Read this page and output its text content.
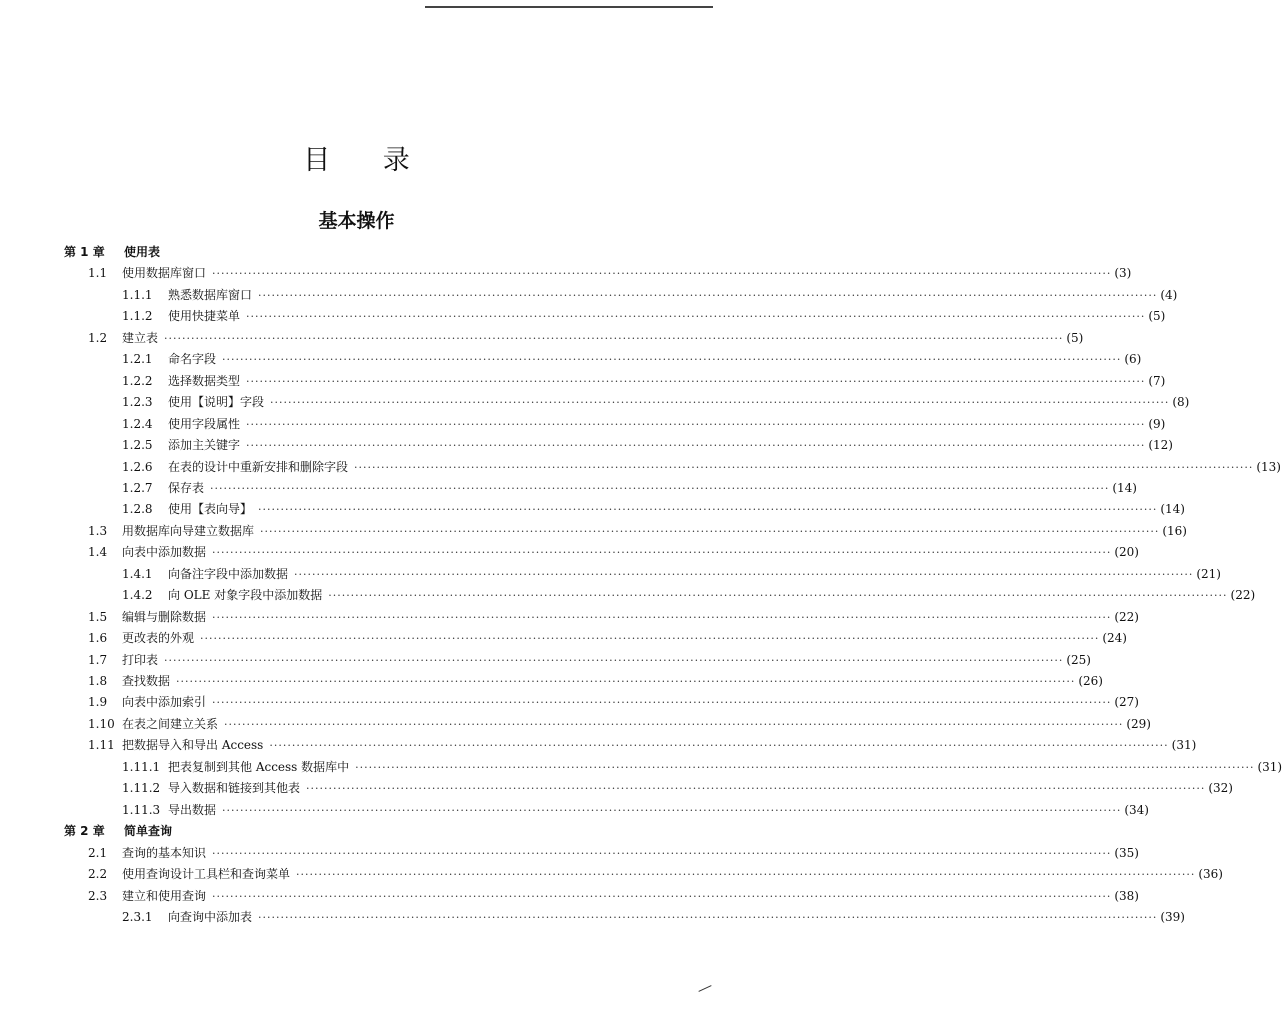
目 录
基本操作
第 1 章	使用表
1.1	使用数据库窗口 ········································································································································································································ (3)
1.1.1	熟悉数据库窗口 ········································································································································································································ (4)
1.1.2	使用快捷菜单 ········································································································································································································ (5)
1.2	建立表 ········································································································································································································ (5)
1.2.1	命名字段 ········································································································································································································ (6)
1.2.2	选择数据类型 ········································································································································································································ (7)
1.2.3	使用【说明】字段 ········································································································································································································ (8)
1.2.4	使用字段属性 ········································································································································································································ (9)
1.2.5	添加主关键字 ········································································································································································································ (12)
1.2.6	在表的设计中重新安排和删除字段 ········································································································································································································ (13)
1.2.7	保存表 ········································································································································································································ (14)
1.2.8	使用【表向导】 ········································································································································································································ (14)
1.3	用数据库向导建立数据库 ········································································································································································································ (16)
1.4	向表中添加数据 ········································································································································································································ (20)
1.4.1	向备注字段中添加数据 ········································································································································································································ (21)
1.4.2	向 OLE 对象字段中添加数据 ········································································································································································································ (22)
1.5	编辑与删除数据 ········································································································································································································ (22)
1.6	更改表的外观 ········································································································································································································ (24)
1.7	打印表 ········································································································································································································ (25)
1.8	查找数据 ········································································································································································································ (26)
1.9	向表中添加索引 ········································································································································································································ (27)
1.10 在表之间建立关系 ········································································································································································································ (29)
1.11 把数据导入和导出 Access ········································································································································································································ (31)
1.11.1 把表复制到其他 Access 数据库中 ········································································································································································································ (31)
1.11.2 导入数据和链接到其他表 ········································································································································································································ (32)
1.11.3 导出数据 ········································································································································································································ (34)
第 2 章	简单查询
2.1	查询的基本知识 ········································································································································································································ (35)
2.2	使用查询设计工具栏和查询菜单 ········································································································································································································ (36)
2.3	建立和使用查询 ········································································································································································································ (38)
2.3.1	向查询中添加表 ········································································································································································································ (39)
